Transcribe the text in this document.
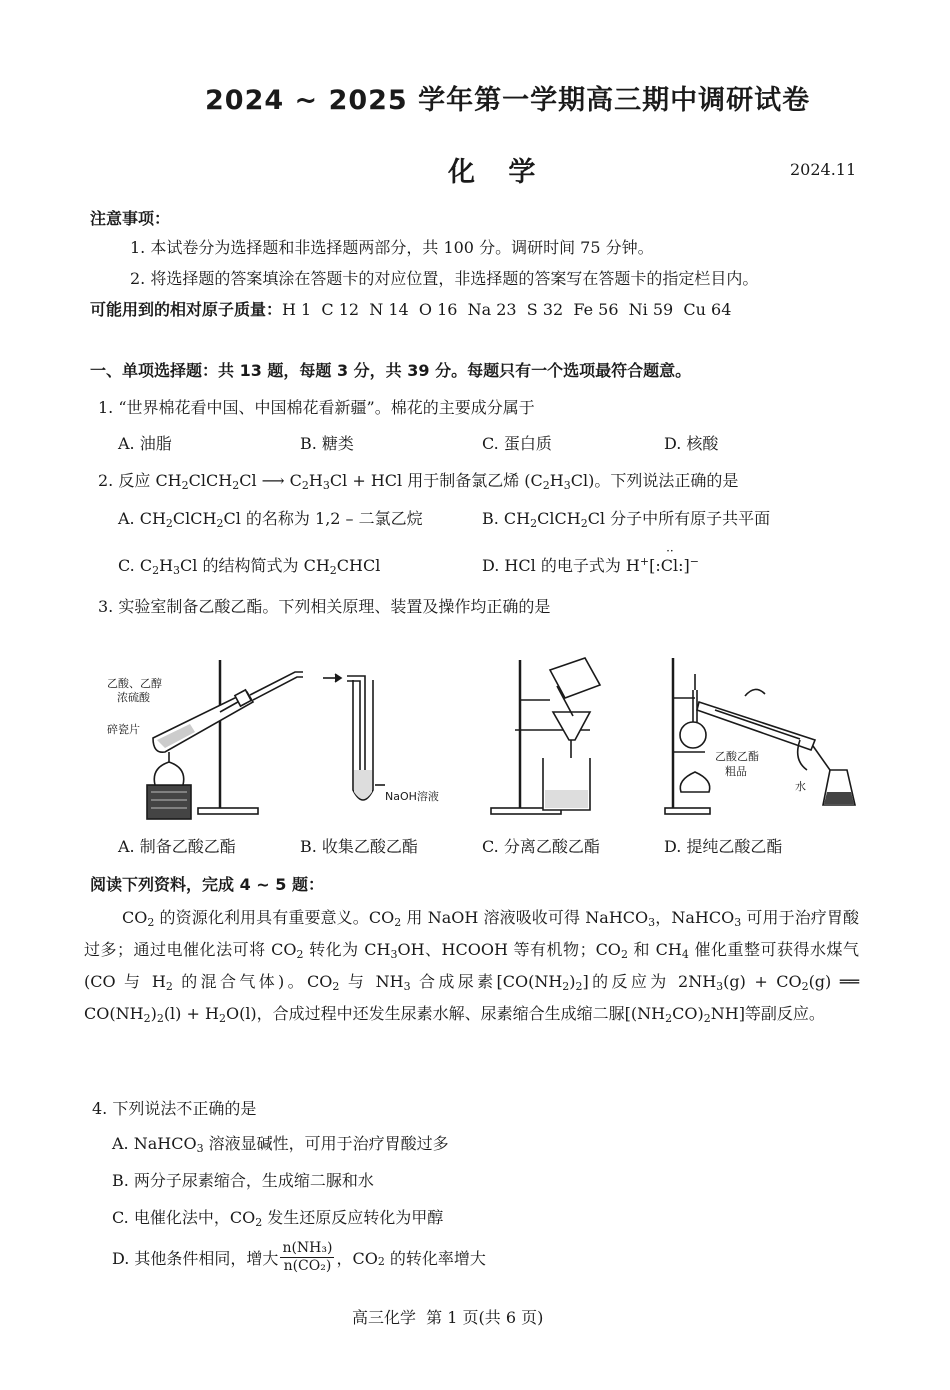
2024 ~ 2025 学年第一学期高三期中调研试卷
化 学	2024.11
注意事项：
1. 本试卷分为选择题和非选择题两部分，共 100 分。调研时间 75 分钟。
2. 将选择题的答案填涂在答题卡的对应位置，非选择题的答案写在答题卡的指定栏目内。
可能用到的相对原子质量：H 1  C 12  N 14  O 16  Na 23  S 32  Fe 56  Ni 59  Cu 64
一、单项选择题：共 13 题，每题 3 分，共 39 分。每题只有一个选项最符合题意。
1. “世界棉花看中国、中国棉花看新疆”。棉花的主要成分属于
A. 油脂	B. 糖类	C. 蛋白质	D. 核酸
2. 反应 $CH_2ClCH_2Cl$ ⟶ $C_2H_3Cl$ + HCl 用于制备氯乙烯 $(C_2H_3Cl)$。下列说法正确的是
A. $CH_2ClCH_2Cl$ 的名称为 1,2 – 二氯乙烷	B. $CH_2ClCH_2Cl$ 分子中所有原子共平面
C. $C_2H_3Cl$ 的结构简式为 $CH_2CHCl$	D. HCl 的电子式为 H+
··
[:Cl:]−
3. 实验室制备乙酸乙酯。下列相关原理、装置及操作均正确的是
乙酸、乙醇
浓硫酸
碎瓷片
NaOH溶液
乙酸乙酯
粗品
水
A. 制备乙酸乙酯	B. 收集乙酸乙酯	C. 分离乙酸乙酯	D. 提纯乙酸乙酯
阅读下列资料，完成 4 ~ 5 题：
$CO_2$ 的资源化利用具有重要意义。$CO_2$ 用 NaOH 溶液吸收可得 NaHCO$_3$，NaHCO$_3$ 可用于治疗胃酸过多；通过电催化法可将 $CO_2$ 转化为 $CH_3OH$、HCOOH 等有机物；$CO_2$ 和 $CH_4$ 催化重整可获得水煤气(CO 与 $H_2$ 的混合气体)。$CO_2$ 与 $NH_3$ 合成尿素$[CO(NH_2)_2]$的反应为 $2NH_3(g) + CO_2(g)$ ══ $CO(NH_2)_2(l) + H_2O(l)$，合成过程中还发生尿素水解、尿素缩合生成缩二脲$[(NH_2CO)_2NH]$等副反应。
4. 下列说法不正确的是
A. NaHCO$_3$ 溶液显碱性，可用于治疗胃酸过多
B. 两分子尿素缩合，生成缩二脲和水
C. 电催化法中，$CO_2$ 发生还原反应转化为甲醇
D. 其他条件相同，增大 $\frac{\text{n(NH₃)}}{\text{n(CO₂)}}$ ，$CO_2$ 的转化率增大
高三化学  第 1 页(共 6 页)
